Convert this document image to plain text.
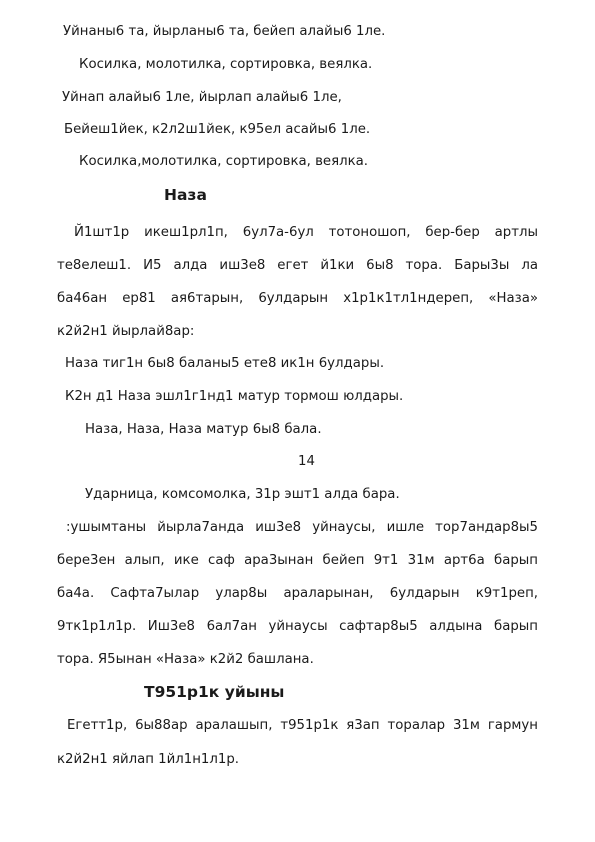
Уйнаны6 та, йырланы6 та, бейеп алайы6 1ле.
Косилка, молотилка, сортировка, веялка.
Уйнап алайы6 1ле, йырлап алайы6 1ле,
Бейеш1йек, к2л2ш1йек, к95ел асайы6 1ле.
Косилка,молотилка, сортировка, веялка.
Наза
Й1шт1р икеш1рл1п, 6ул7а-6ул тотоношоп, бер-бер артлы
те8елеш1. И5 алда иш3е8 егет й1ки 6ы8 тора. Бары3ы ла
ба46ан ер81 ая6тарын, 6улдарын х1р1к1тл1ндереп, «Наза»
к2й2н1 йырлай8ар:
Наза тиг1н 6ы8 баланы5 ете8 ик1н 6улдары.
К2н д1 Наза эшл1г1нд1 матур тормош юлдары.
Наза, Наза, Наза матур 6ы8 бала.
14
Ударница, комсомолка, 31р эшт1 алда бара.
:ушымтаны йырла7анда иш3е8 уйнаусы, ишле тор7андар8ы5
бере3ен алып, ике саф ара3ынан бейеп 9т1 31м арт6а барып
ба4а. Сафта7ылар улар8ы араларынан, 6улдарын к9т1реп,
9тк1р1л1р. Иш3е8 6ал7ан уйнаусы сафтар8ы5 алдына барып
тора. Я5ынан «Наза» к2й2 башлана.
Т951р1к уйыны
Егетт1р, 6ы88ар аралашып, т951р1к я3ап торалар 31м гармун
к2й2н1 яйлап 1йл1н1л1р.
